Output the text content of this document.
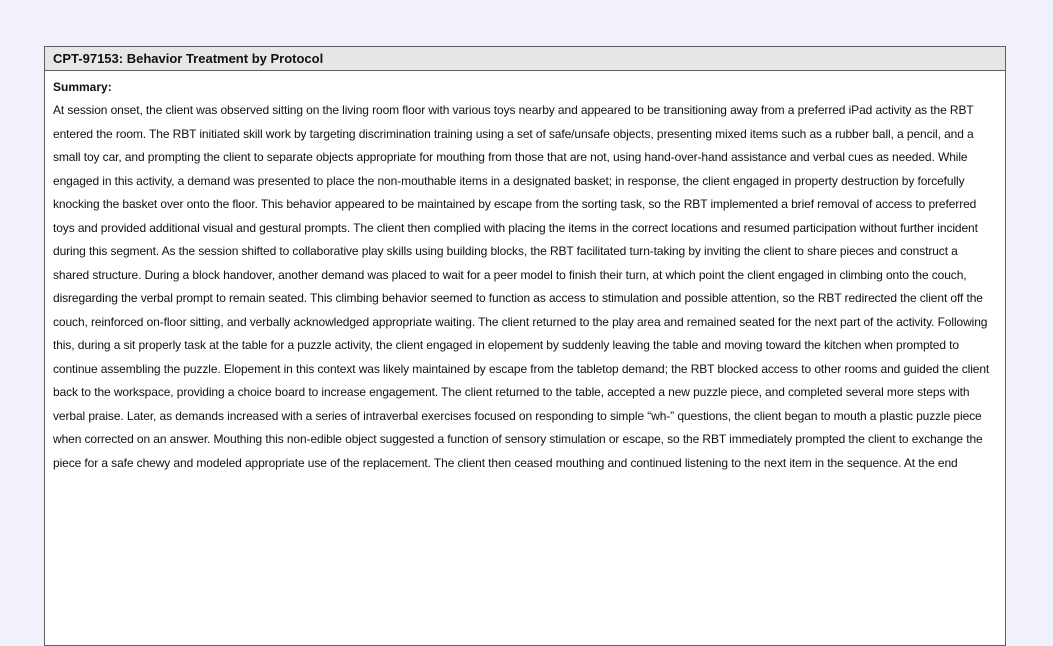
CPT-97153: Behavior Treatment by Protocol
Summary:

At session onset, the client was observed sitting on the living room floor with various toys nearby and appeared to be transitioning away from a preferred iPad activity as the RBT entered the room. The RBT initiated skill work by targeting discrimination training using a set of safe/unsafe objects, presenting mixed items such as a rubber ball, a pencil, and a small toy car, and prompting the client to separate objects appropriate for mouthing from those that are not, using hand-over-hand assistance and verbal cues as needed. While engaged in this activity, a demand was presented to place the non-mouthable items in a designated basket; in response, the client engaged in property destruction by forcefully knocking the basket over onto the floor. This behavior appeared to be maintained by escape from the sorting task, so the RBT implemented a brief removal of access to preferred toys and provided additional visual and gestural prompts. The client then complied with placing the items in the correct locations and resumed participation without further incident during this segment. As the session shifted to collaborative play skills using building blocks, the RBT facilitated turn-taking by inviting the client to share pieces and construct a shared structure. During a block handover, another demand was placed to wait for a peer model to finish their turn, at which point the client engaged in climbing onto the couch, disregarding the verbal prompt to remain seated. This climbing behavior seemed to function as access to stimulation and possible attention, so the RBT redirected the client off the couch, reinforced on-floor sitting, and verbally acknowledged appropriate waiting. The client returned to the play area and remained seated for the next part of the activity. Following this, during a sit properly task at the table for a puzzle activity, the client engaged in elopement by suddenly leaving the table and moving toward the kitchen when prompted to continue assembling the puzzle. Elopement in this context was likely maintained by escape from the tabletop demand; the RBT blocked access to other rooms and guided the client back to the workspace, providing a choice board to increase engagement. The client returned to the table, accepted a new puzzle piece, and completed several more steps with verbal praise. Later, as demands increased with a series of intraverbal exercises focused on responding to simple “wh-” questions, the client began to mouth a plastic puzzle piece when corrected on an answer. Mouthing this non-edible object suggested a function of sensory stimulation or escape, so the RBT immediately prompted the client to exchange the piece for a safe chewy and modeled appropriate use of the replacement. The client then ceased mouthing and continued listening to the next item in the sequence. At the end
